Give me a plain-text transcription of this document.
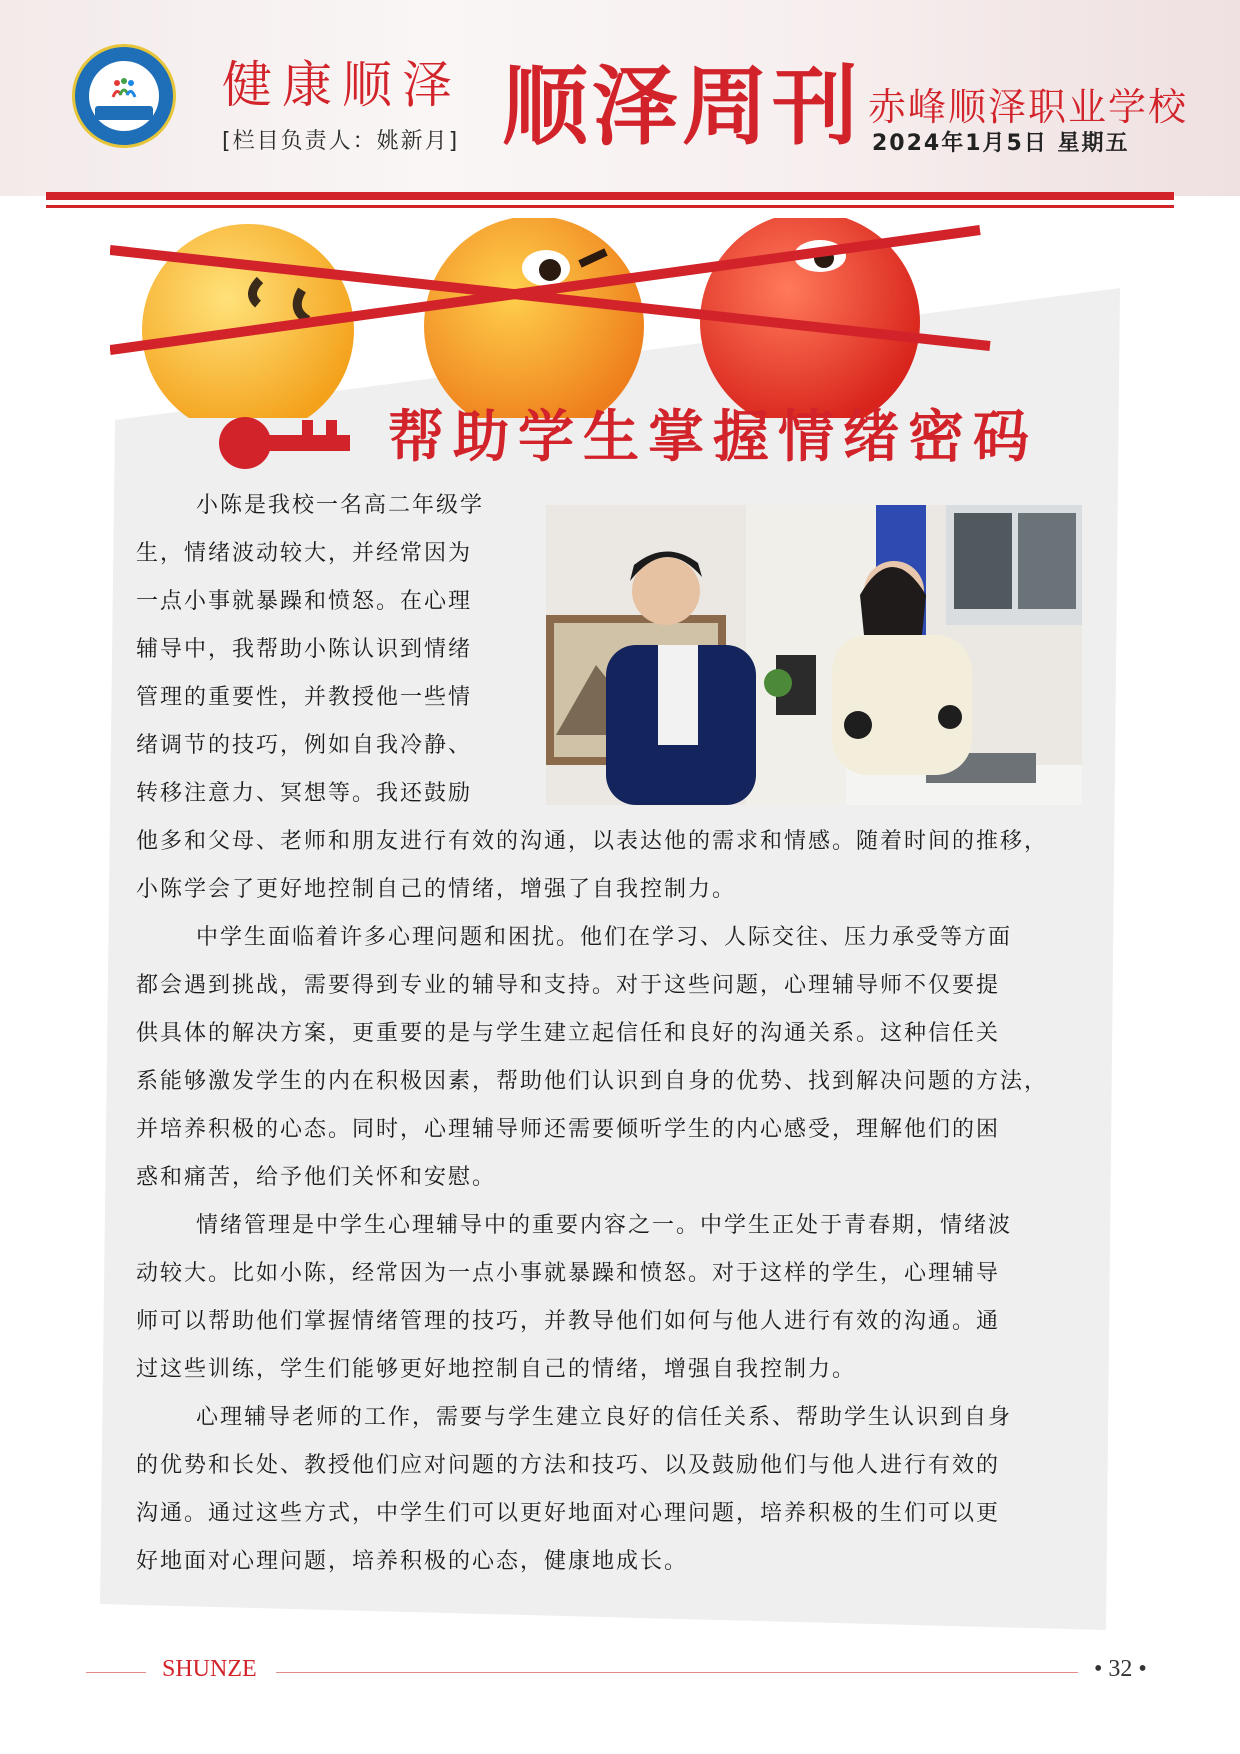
健康顺泽
[栏目负责人：姚新月] 顺泽周刊 赤峰顺泽职业学校
2024年1月5日 星期五
帮助学生掌握情绪密码
小陈是我校一名高二年级学
生，情绪波动较大，并经常因为
一点小事就暴躁和愤怒。在心理
辅导中，我帮助小陈认识到情绪
管理的重要性，并教授他一些情
绪调节的技巧，例如自我冷静、
转移注意力、冥想等。我还鼓励
他多和父母、老师和朋友进行有效的沟通，以表达他的需求和情感。随着时间的推移，
小陈学会了更好地控制自己的情绪，增强了自我控制力。
中学生面临着许多心理问题和困扰。他们在学习、人际交往、压力承受等方面
都会遇到挑战，需要得到专业的辅导和支持。对于这些问题，心理辅导师不仅要提
供具体的解决方案，更重要的是与学生建立起信任和良好的沟通关系。这种信任关
系能够激发学生的内在积极因素，帮助他们认识到自身的优势、找到解决问题的方法，
并培养积极的心态。同时，心理辅导师还需要倾听学生的内心感受，理解他们的困
惑和痛苦，给予他们关怀和安慰。
情绪管理是中学生心理辅导中的重要内容之一。中学生正处于青春期，情绪波
动较大。比如小陈，经常因为一点小事就暴躁和愤怒。对于这样的学生，心理辅导
师可以帮助他们掌握情绪管理的技巧，并教导他们如何与他人进行有效的沟通。通
过这些训练，学生们能够更好地控制自己的情绪，增强自我控制力。
心理辅导老师的工作，需要与学生建立良好的信任关系、帮助学生认识到自身
的优势和长处、教授他们应对问题的方法和技巧、以及鼓励他们与他人进行有效的
沟通。通过这些方式，中学生们可以更好地面对心理问题，培养积极的生们可以更
好地面对心理问题，培养积极的心态，健康地成长。
SHUNZE	• 32 •
